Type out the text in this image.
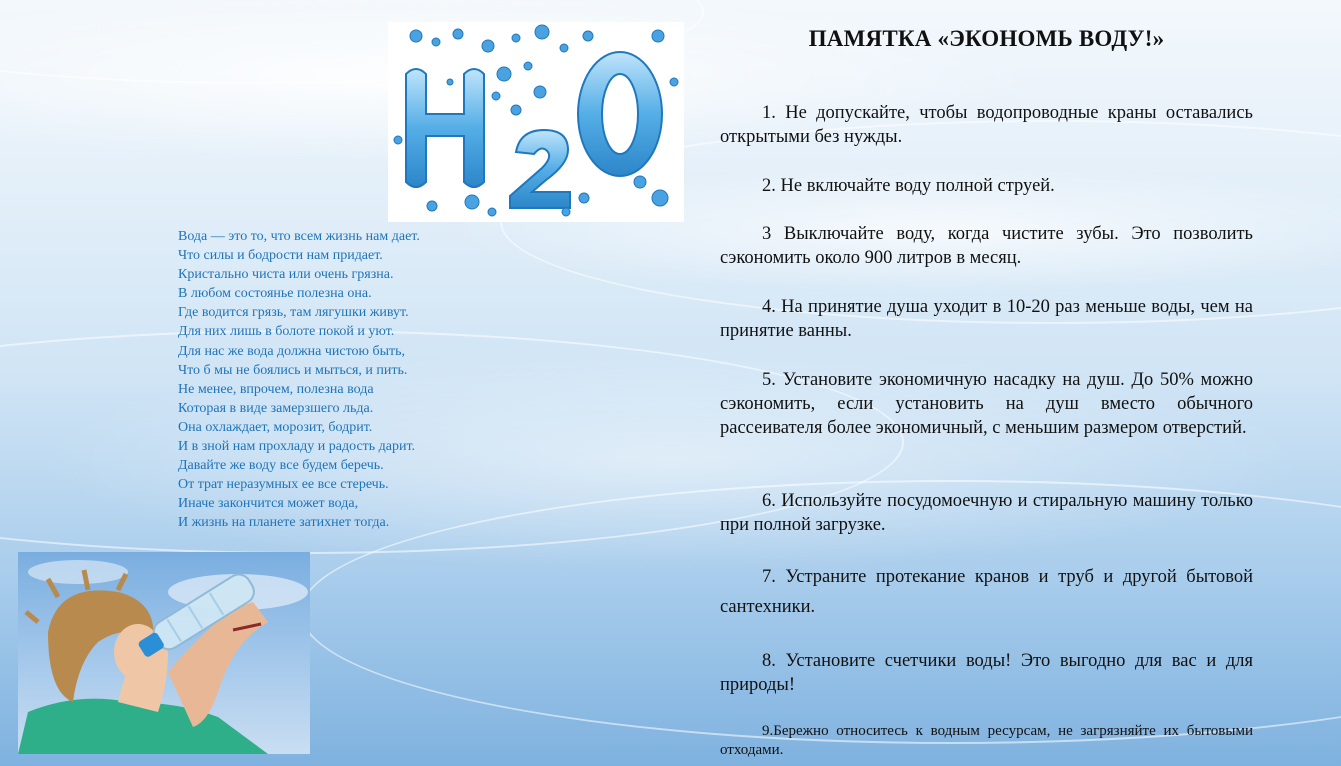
Вода — это то, что всем жизнь нам дает.
Что силы и бодрости нам придает.
Кристально чиста или очень грязна.
В любом состоянье полезна она.
Где водится грязь, там лягушки живут.
Для них лишь в болоте покой и уют.
Для нас же вода должна чистою быть,
Что б мы не боялись и мыться, и пить.
Не менее, впрочем, полезна вода
Которая в виде замерзшего льда.
Она охлаждает, морозит, бодрит.
И в зной нам прохладу и радость дарит.
Давайте же воду все будем беречь.
От трат неразумных ее все стеречь.
Иначе закончится может вода,
И жизнь на планете затихнет тогда.
ПАМЯТКА «ЭКОНОМЬ ВОДУ!»
1. Не допускайте, чтобы водопроводные краны оставались открытыми без нужды.
2. Не включайте воду полной струей.
3 Выключайте воду, когда чистите зубы. Это позволить сэкономить около 900 литров в месяц.
4. На принятие душа уходит в 10-20 раз меньше воды, чем на принятие ванны.
5. Установите экономичную насадку на душ. До 50% можно сэкономить, если установить на душ вместо обычного рассеивателя более экономичный, с меньшим размером отверстий.
6. Используйте посудомоечную и стиральную машину только при полной загрузке.
7. Устраните протекание кранов и труб и другой бытовой сантехники.
8. Установите счетчики воды! Это выгодно для вас и для природы!
9.Бережно относитесь к водным ресурсам, не загрязняйте их бытовыми отходами.
